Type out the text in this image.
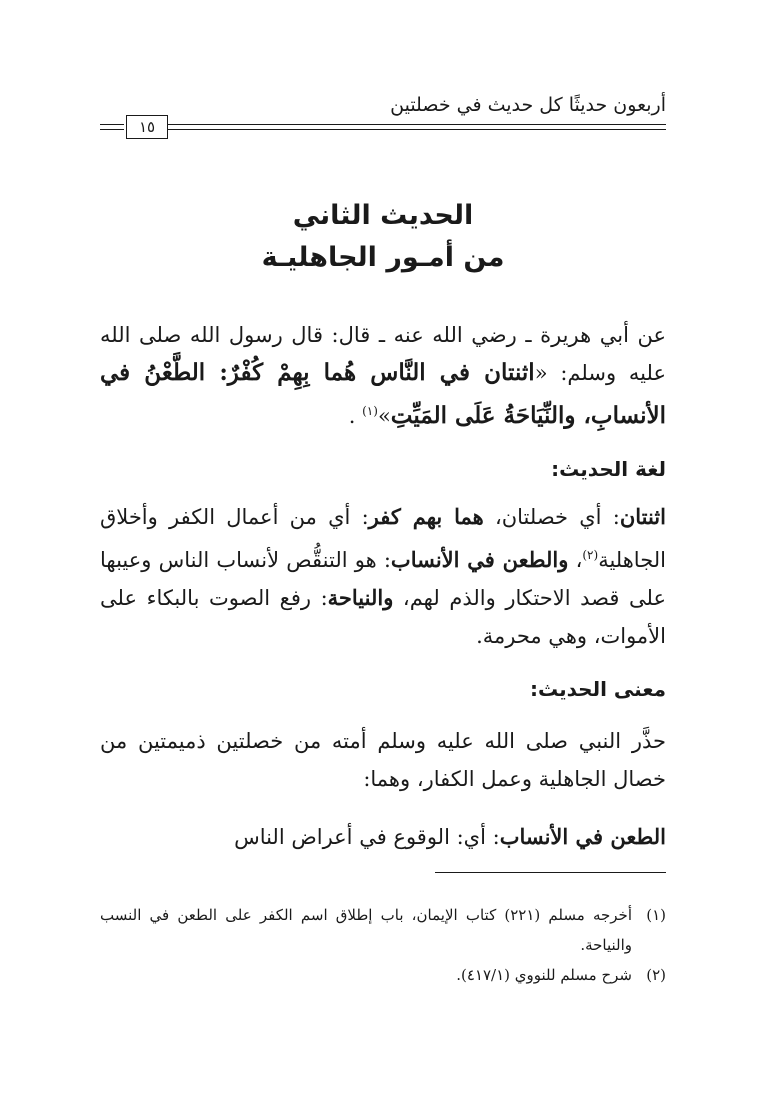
أربعون حديثًا كل حديث في خصلتين
١٥
الحديث الثاني
من أمـور الجاهليـة
عن أبي هريرة ـ رضي الله عنه ـ قال: قال رسول الله صلى الله عليه وسلم: «اثنتان في النَّاس هُما بِهِمْ كُفْرٌ: الطَّعْنُ في الأنسابِ، والنِّيَاحَةُ عَلَى المَيِّتِ»$^{(١)}$ .
لغة الحديث:
اثنتان: أي خصلتان، هما بهم كفر: أي من أعمال الكفر وأخلاق الجاهلية$^{(٢)}$، والطعن في الأنساب: هو التنقُّص لأنساب الناس وعيبها على قصد الاحتكار والذم لهم، والنياحة: رفع الصوت بالبكاء على الأموات، وهي محرمة.
معنى الحديث:
حذَّر النبي صلى الله عليه وسلم أمته من خصلتين ذميمتين من خصال الجاهلية وعمل الكفار، وهما:
الطعن في الأنساب: أي: الوقوع في أعراض الناس
(١)
أخرجه مسلم (٢٢١) كتاب الإيمان، باب إطلاق اسم الكفر على الطعن في النسب والنياحة.
(٢)
شرح مسلم للنووي (٤١٧/١).
